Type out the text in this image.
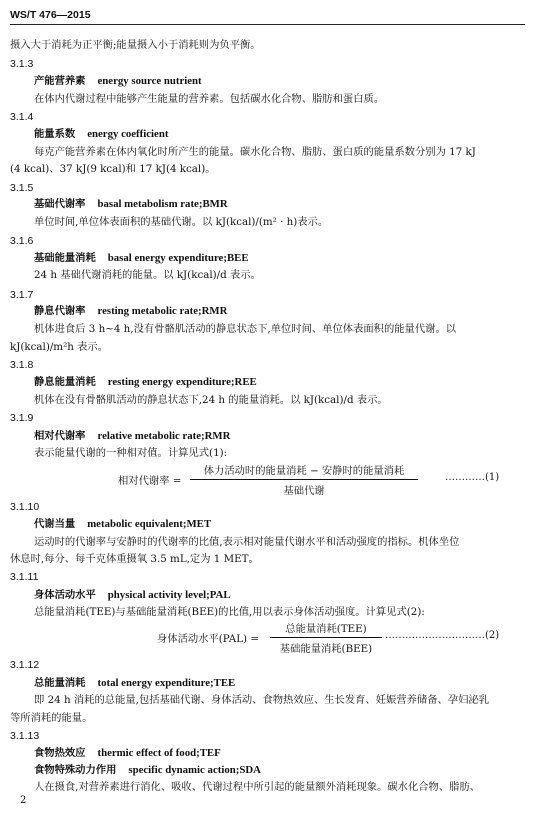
WS/T 476—2015
摄入大于消耗为正平衡;能量摄入小于消耗则为负平衡。
3.1.3
产能营养素 energy source nutrient
在体内代谢过程中能够产生能量的营养素。包括碳水化合物、脂肪和蛋白质。
3.1.4
能量系数 energy coefficient
每克产能营养素在体内氧化时所产生的能量。碳水化合物、脂肪、蛋白质的能量系数分别为 17 kJ
(4 kcal)、37 kJ(9 kcal)和 17 kJ(4 kcal)。
3.1.5
基础代谢率 basal metabolism rate;BMR
单位时间,单位体表面积的基础代谢。以 kJ(kcal)/(m² · h)表示。
3.1.6
基础能量消耗 basal energy expenditure;BEE
24 h 基础代谢消耗的能量。以 kJ(kcal)/d 表示。
3.1.7
静息代谢率 resting metabolic rate;RMR
机体进食后 3 h~4 h,没有骨骼肌活动的静息状态下,单位时间、单位体表面积的能量代谢。以
kJ(kcal)/m²h 表示。
3.1.8
静息能量消耗 resting energy expenditure;REE
机体在没有骨骼肌活动的静息状态下,24 h 的能量消耗。以 kJ(kcal)/d 表示。
3.1.9
相对代谢率 relative metabolic rate;RMR
表示能量代谢的一种相对值。计算见式(1):
相对代谢率 =
体力活动时的能量消耗 − 安静时的能量消耗
基础代谢
…………(1)
3.1.10
代谢当量 metabolic equivalent;MET
运动时的代谢率与安静时的代谢率的比值,表示相对能量代谢水平和活动强度的指标。机体坐位
休息时,每分、每千克体重摄氧 3.5 mL,定为 1 MET。
3.1.11
身体活动水平 physical activity level;PAL
总能量消耗(TEE)与基础能量消耗(BEE)的比值,用以表示身体活动强度。计算见式(2):
身体活动水平(PAL) =
总能量消耗(TEE)
基础能量消耗(BEE)
…………………………(2)
3.1.12
总能量消耗 total energy expenditure;TEE
即 24 h 消耗的总能量,包括基础代谢、身体活动、食物热效应、生长发育、妊娠营养储备、孕妇泌乳
等所消耗的能量。
3.1.13
食物热效应 thermic effect of food;TEF
食物特殊动力作用 specific dynamic action;SDA
人在摄食,对营养素进行消化、吸收、代谢过程中所引起的能量额外消耗现象。碳水化合物、脂肪、
2
